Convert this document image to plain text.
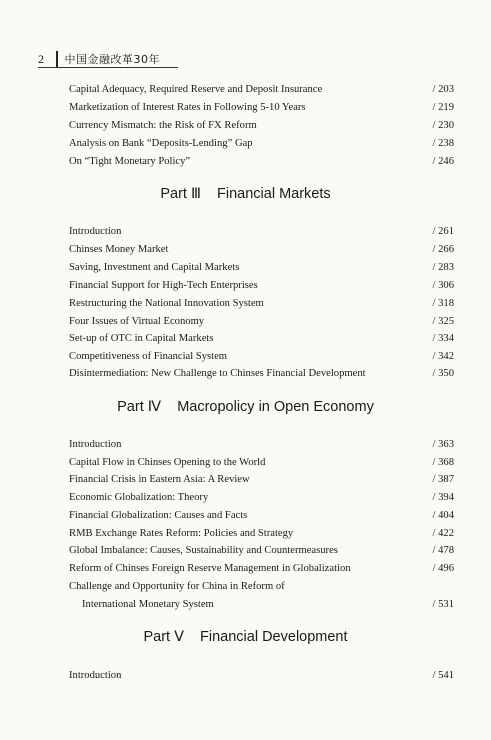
2	中国金融改革30年
Capital Adequacy, Required Reserve and Deposit Insurance	/ 203
Marketization of Interest Rates in Following 5-10 Years	/ 219
Currency Mismatch: the Risk of FX Reform	/ 230
Analysis on Bank “Deposits-Lending” Gap	/ 238
On “Tight Monetary Policy”	/ 246
Part Ⅲ Financial Markets
Introduction	/ 261
Chinses Money Market	/ 266
Saving, Investment and Capital Markets	/ 283
Financial Support for High-Tech Enterprises	/ 306
Restructuring the National Innovation System	/ 318
Four Issues of Virtual Economy	/ 325
Set-up of OTC in Capital Markets	/ 334
Competitiveness of Financial System	/ 342
Disintermediation: New Challenge to Chinses Financial Development	/ 350
Part Ⅳ Macropolicy in Open Economy
Introduction	/ 363
Capital Flow in Chinses Opening to the World	/ 368
Financial Crisis in Eastern Asia: A Review	/ 387
Economic Globalization: Theory	/ 394
Financial Globalization: Causes and Facts	/ 404
RMB Exchange Rates Reform: Policies and Strategy	/ 422
Global Imbalance: Causes, Sustainability and Countermeasures	/ 478
Reform of Chinses Foreign Reserve Management in Globalization	/ 496
Challenge and Opportunity for China in Reform of
International Monetary System	/ 531
Part Ⅴ Financial Development
Introduction	/ 541
